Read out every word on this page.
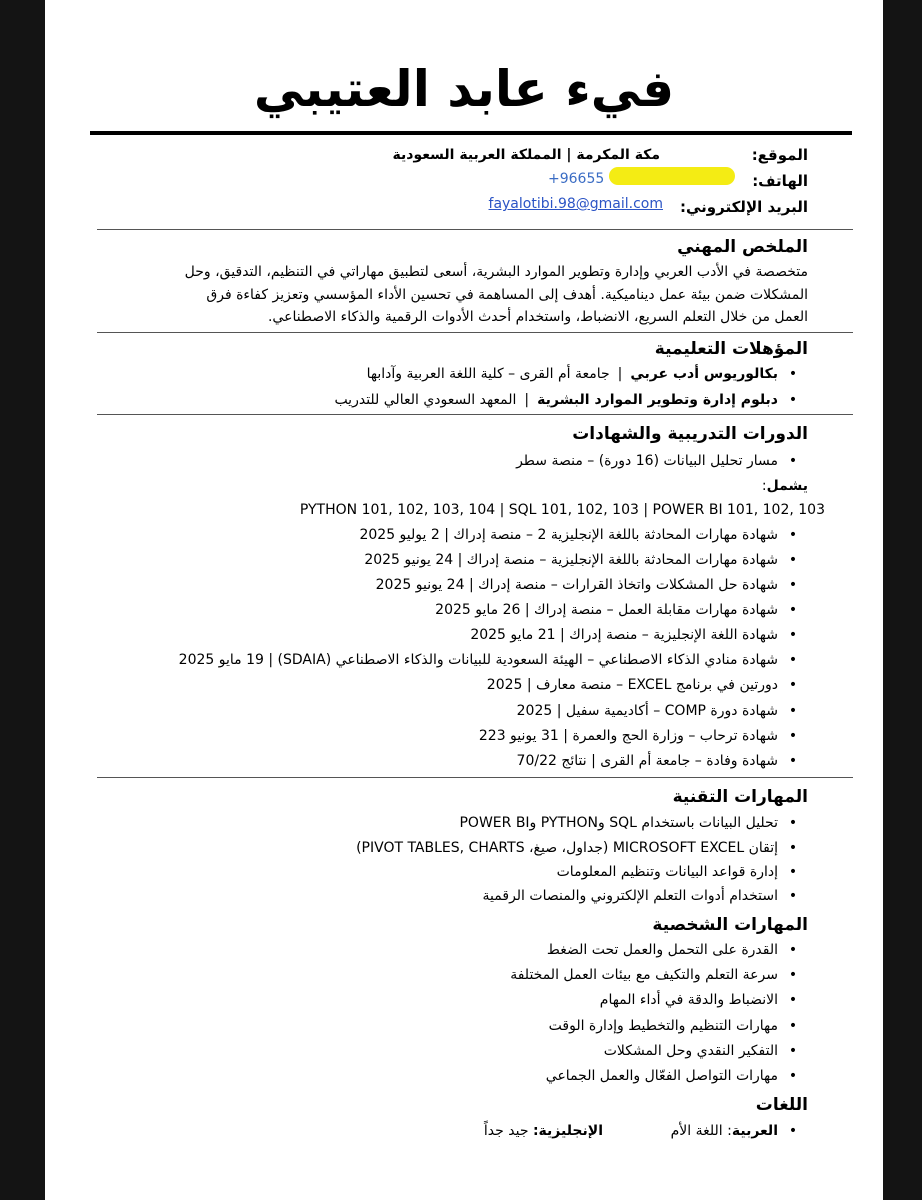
فيء عابد العتيبي
الموقع:
مكة المكرمة | المملكة العربية السعودية
الهاتف:
+96655
البريد الإلكتروني:
fayalotibi.98@gmail.com
الملخص المهني
متخصصة في الأدب العربي وإدارة وتطوير الموارد البشرية، أسعى لتطبيق مهاراتي في التنظيم، التدقيق، وحل
المشكلات ضمن بيئة عمل ديناميكية. أهدف إلى المساهمة في تحسين الأداء المؤسسي وتعزيز كفاءة فرق
العمل من خلال التعلم السريع، الانضباط، واستخدام أحدث الأدوات الرقمية والذكاء الاصطناعي.
المؤهلات التعليمية
• بكالوريوس أدب عربي|جامعة أم القرى – كلية اللغة العربية وآدابها
• دبلوم إدارة وتطوير الموارد البشرية|المعهد السعودي العالي للتدريب
الدورات التدريبية والشهادات
• مسار تحليل البيانات (16 دورة) – منصة سطر
يشمل:
PYTHON 101, 102, 103, 104 | SQL 101, 102, 103 | POWER BI 101, 102, 103
• شهادة مهارات المحادثة باللغة الإنجليزية 2 – منصة إدراك | 2 يوليو 2025
• شهادة مهارات المحادثة باللغة الإنجليزية – منصة إدراك | 24 يونيو 2025
• شهادة حل المشكلات واتخاذ القرارات – منصة إدراك | 24 يونيو 2025
• شهادة مهارات مقابلة العمل – منصة إدراك | 26 مايو 2025
• شهادة اللغة الإنجليزية – منصة إدراك | 21 مايو 2025
• شهادة منادي الذكاء الاصطناعي – الهيئة السعودية للبيانات والذكاء الاصطناعي (SDAIA) | 19 مايو 2025
• دورتين في برنامج EXCEL – منصة معارف | 2025
• شهادة دورة COMP – أكاديمية سفيل | 2025
• شهادة ترحاب – وزارة الحج والعمرة | 31 يونيو 223
• شهادة وفادة – جامعة أم القرى | نتائج 70/22
المهارات التقنية
• تحليل البيانات باستخدام SQL وPYTHON وPOWER BI
• إتقان MICROSOFT EXCEL (جداول، صيغ، PIVOT TABLES, CHARTS)
• إدارة قواعد البيانات وتنظيم المعلومات
• استخدام أدوات التعلم الإلكتروني والمنصات الرقمية
المهارات الشخصية
• القدرة على التحمل والعمل تحت الضغط
• سرعة التعلم والتكيف مع بيئات العمل المختلفة
• الانضباط والدقة في أداء المهام
• مهارات التنظيم والتخطيط وإدارة الوقت
• التفكير النقدي وحل المشكلات
• مهارات التواصل الفعّال والعمل الجماعي
اللغات
• العربية: اللغة الأم
الإنجليزية: جيد جداً
